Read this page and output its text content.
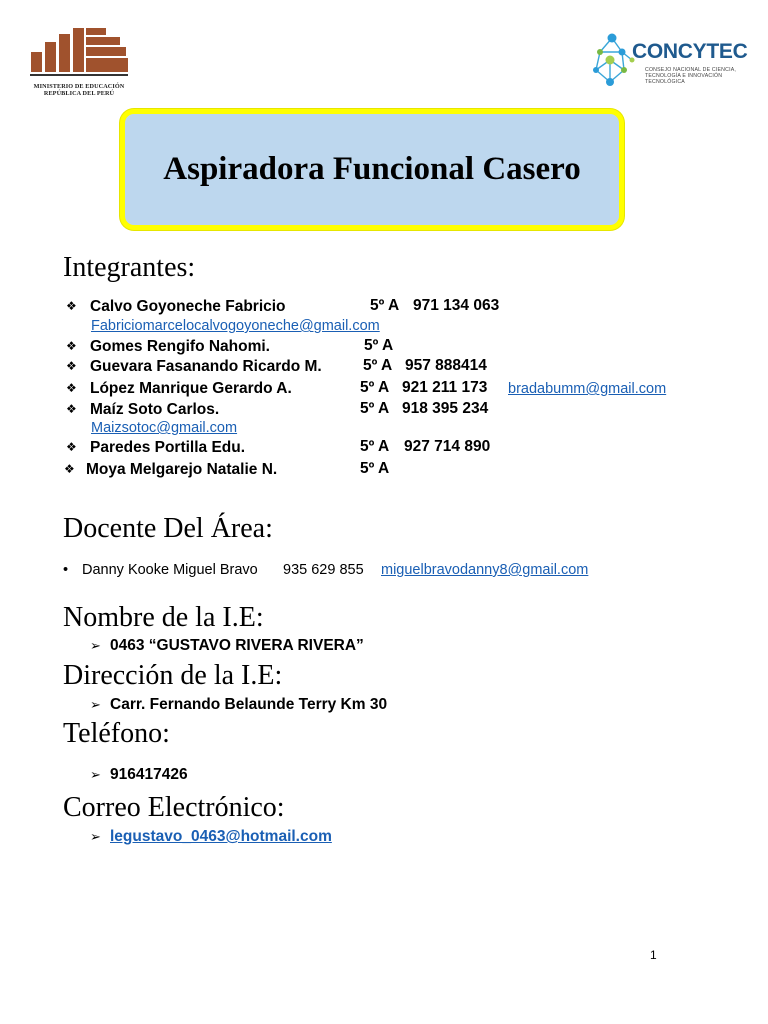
MINISTERIO DE EDUCACIÓN
REPÚBLICA DEL PERÚ
CONCYTEC
CONSEJO NACIONAL DE CIENCIA,
TECNOLOGÍA E INNOVACIÓN TECNOLÓGICA
Aspiradora Funcional Casero
Integrantes:
❖ Calvo Goyoneche Fabricio	5º A 971 134 063
Fabriciomarcelocalvogoyoneche@gmail.com
❖ Gomes Rengifo Nahomi.	5º A
❖ Guevara Fasanando Ricardo M.	5º A 957 888414
❖ López Manrique Gerardo A.	5º A 921 211 173 bradabumm@gmail.com
❖ Maíz Soto Carlos.	5º A 918 395 234
Maizsotoc@gmail.com
❖ Paredes Portilla Edu.	5º A 927 714 890
❖ Moya Melgarejo Natalie N.	5º A
Docente Del Área:
• Danny Kooke Miguel Bravo 935 629 855 miguelbravodanny8@gmail.com
Nombre de la I.E:
➢ 0463 “GUSTAVO RIVERA RIVERA”
Dirección de la I.E:
➢ Carr. Fernando Belaunde Terry Km 30
Teléfono:
➢ 916417426
Correo Electrónico:
➢ legustavo_0463@hotmail.com
1
